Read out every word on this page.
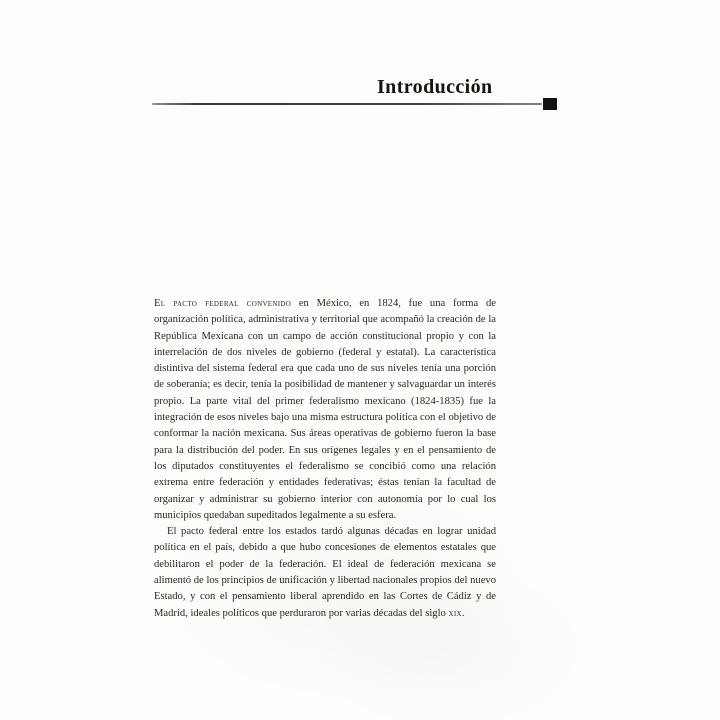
Introducción

El pacto federal convenido en México, en 1824, fue una forma de organización política, administrativa y territorial que acompañó la creación de la República Mexicana con un campo de acción constitucional propio y con la interrelación de dos niveles de gobierno (federal y estatal). La característica distintiva del sistema federal era que cada uno de sus niveles tenía una porción de soberanía; es decir, tenía la posibilidad de mantener y salvaguardar un interés propio. La parte vital del primer federalismo mexicano (1824-1835) fue la integración de esos niveles bajo una misma estructura política con el objetivo de conformar la nación mexicana. Sus áreas operativas de gobierno fueron la base para la distribución del poder. En sus orígenes legales y en el pensamiento de los diputados constituyentes el federalismo se concibió como una relación extrema entre federación y entidades federativas; éstas tenían la facultad de organizar y administrar su gobierno interior con autonomía por lo cual los municipios quedaban supeditados legalmente a su esfera.

El pacto federal entre los estados tardó algunas décadas en lograr unidad política en el país, debido a que hubo concesiones de elementos estatales que debilitaron el poder de la federación. El ideal de federación mexicana se alimentó de los principios de unificación y libertad nacionales propios del nuevo Estado, y con el pensamiento liberal aprendido en las Cortes de Cádiz y de Madrid, ideales políticos que perduraron por varias décadas del siglo xix.
